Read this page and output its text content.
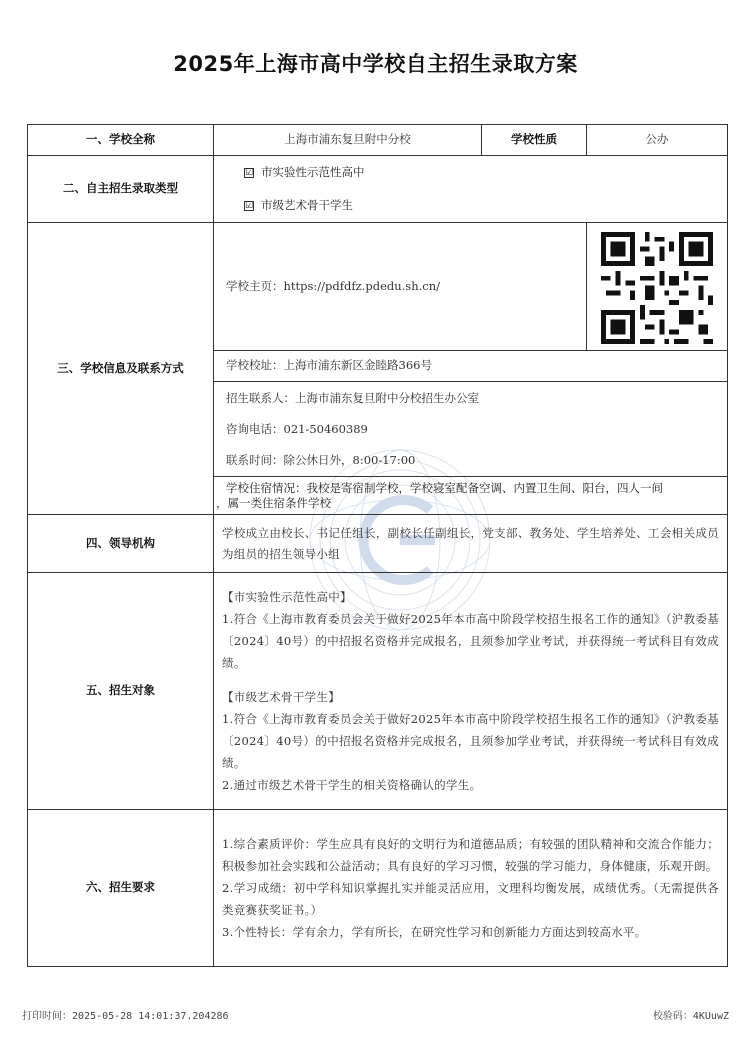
2025年上海市高中学校自主招生录取方案
一、学校全称	上海市浦东复旦附中分校	学校性质	公办
二、自主招生录取类型	☑ 市实验性示范性高中
☑ 市级艺术骨干学生		

三、学校信息及联系方式	学校主页：https://pdfdfz.pdedu.sh.cn/	

	学校校址：上海市浦东新区金睦路366号		

	招生联系人：上海市浦东复旦附中分校招生办公室
咨询电话：021-50460389
联系时间：除公休日外，8:00-17:00		

	学校住宿情况：我校是寄宿制学校，学校寝室配备空调、内置卫生间、阳台，四人一间
，属一类住宿条件学校		

四、领导机构	学校成立由校长、书记任组长，副校长任副组长，党支部、教务处、学生培养处、工会相关成员为组员的招生领导小组		
五、招生对象	【市实验性示范性高中】

1.符合《上海市教育委员会关于做好2025年本市高中阶段学校招生报名工作的通知》（沪教委基〔2024〕40号）的中招报名资格并完成报名，且须参加学业考试，并获得统一考试科目有效成绩。

【市级艺术骨干学生】

1.符合《上海市教育委员会关于做好2025年本市高中阶段学校招生报名工作的通知》（沪教委基〔2024〕40号）的中招报名资格并完成报名，且须参加学业考试，并获得统一考试科目有效成绩。

2.通过市级艺术骨干学生的相关资格确认的学生。		

六、招生要求	1.综合素质评价：学生应具有良好的文明行为和道德品质；有较强的团队精神和交流合作能力；积极参加社会实践和公益活动；具有良好的学习习惯，较强的学习能力，身体健康，乐观开朗。

2.学习成绩：初中学科知识掌握扎实并能灵活应用，文理科均衡发展，成绩优秀。（无需提供各类竞赛获奖证书。）

3.个性特长：学有余力，学有所长，在研究性学习和创新能力方面达到较高水平。		

打印时间：2025-05-28 14:01:37.204286	校验码：4KUuwZ
